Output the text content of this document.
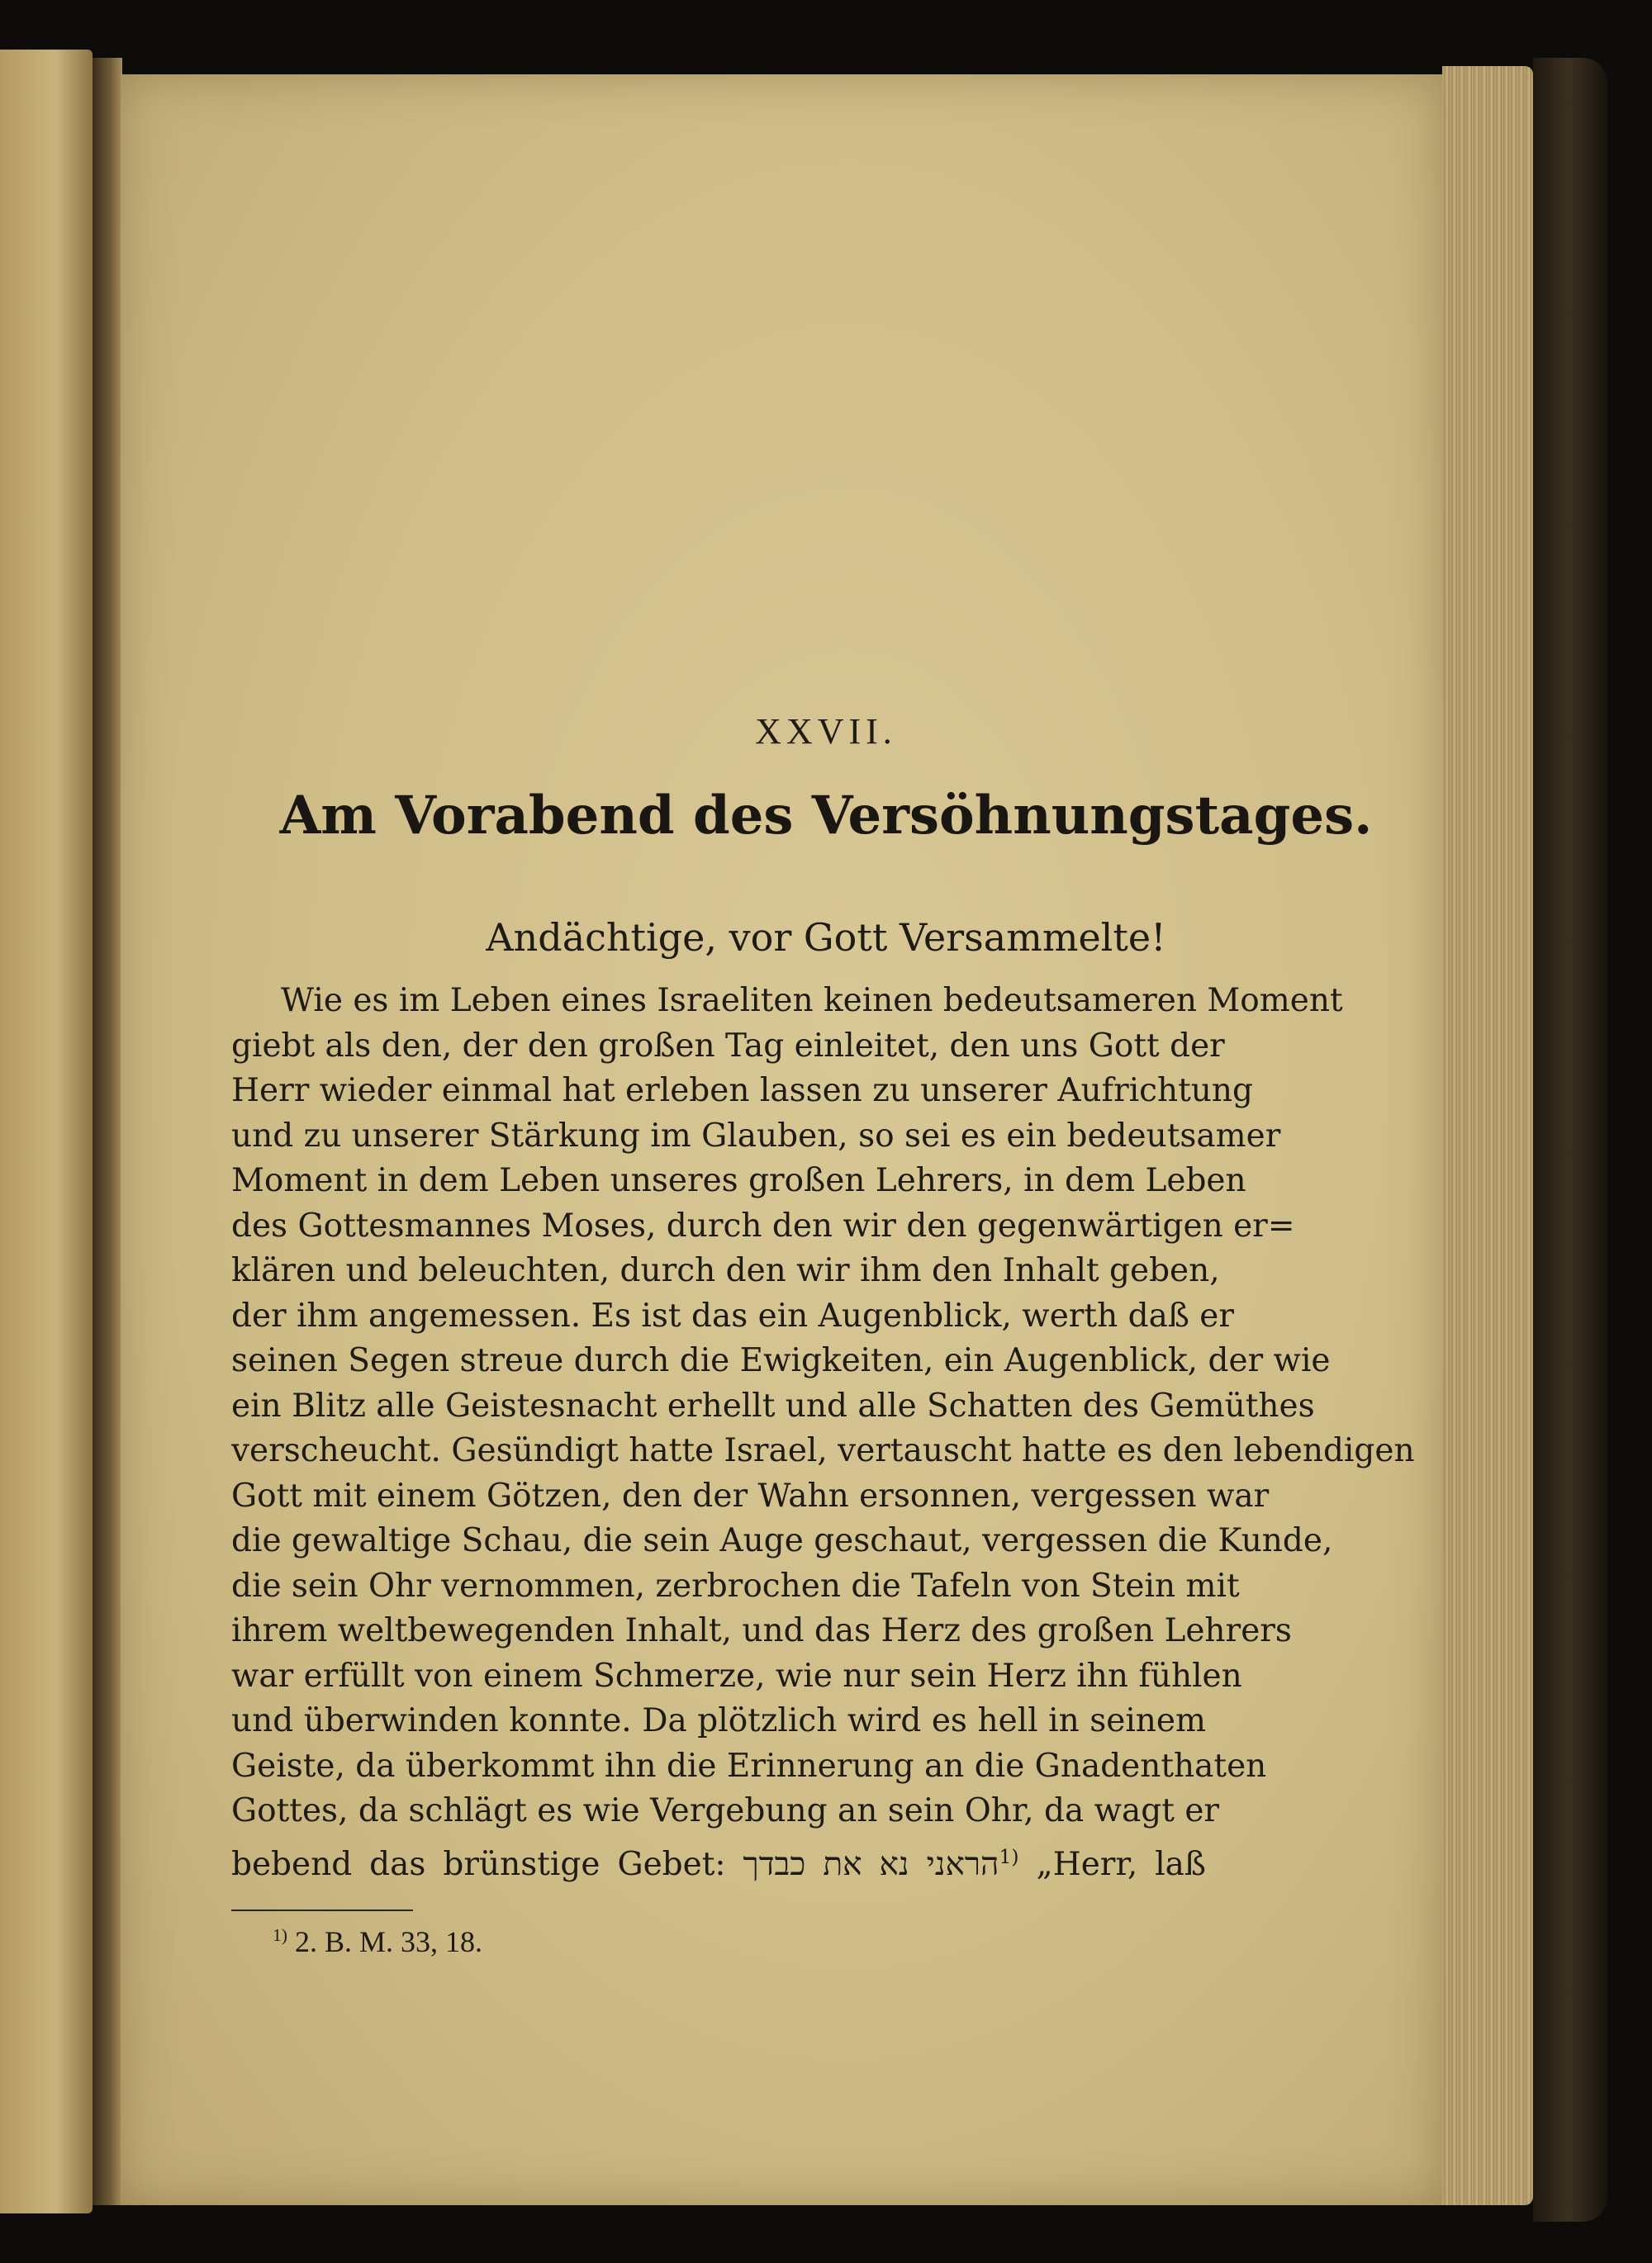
XXVII.
Am Vorabend des Versöhnungstages.
Andächtige, vor Gott Versammelte!
Wie es im Leben eines Israeliten keinen bedeutsameren Moment
giebt als den, der den großen Tag einleitet, den uns Gott der
Herr wieder einmal hat erleben lassen zu unserer Aufrichtung
und zu unserer Stärkung im Glauben, so sei es ein bedeutsamer
Moment in dem Leben unseres großen Lehrers, in dem Leben
des Gottesmannes Moses, durch den wir den gegenwärtigen er=
klären und beleuchten, durch den wir ihm den Inhalt geben,
der ihm angemessen. Es ist das ein Augenblick, werth daß er
seinen Segen streue durch die Ewigkeiten, ein Augenblick, der wie
ein Blitz alle Geistesnacht erhellt und alle Schatten des Gemüthes
verscheucht. Gesündigt hatte Israel, vertauscht hatte es den lebendigen
Gott mit einem Götzen, den der Wahn ersonnen, vergessen war
die gewaltige Schau, die sein Auge geschaut, vergessen die Kunde,
die sein Ohr vernommen, zerbrochen die Tafeln von Stein mit
ihrem weltbewegenden Inhalt, und das Herz des großen Lehrers
war erfüllt von einem Schmerze, wie nur sein Herz ihn fühlen
und überwinden konnte. Da plötzlich wird es hell in seinem
Geiste, da überkommt ihn die Erinnerung an die Gnadenthaten
Gottes, da schlägt es wie Vergebung an sein Ohr, da wagt er
bebend das brünstige Gebet: הראני נא את כבדך$^{1)}$ „Herr, laß
$^{1)}$ 2. B. M. 33, 18.
